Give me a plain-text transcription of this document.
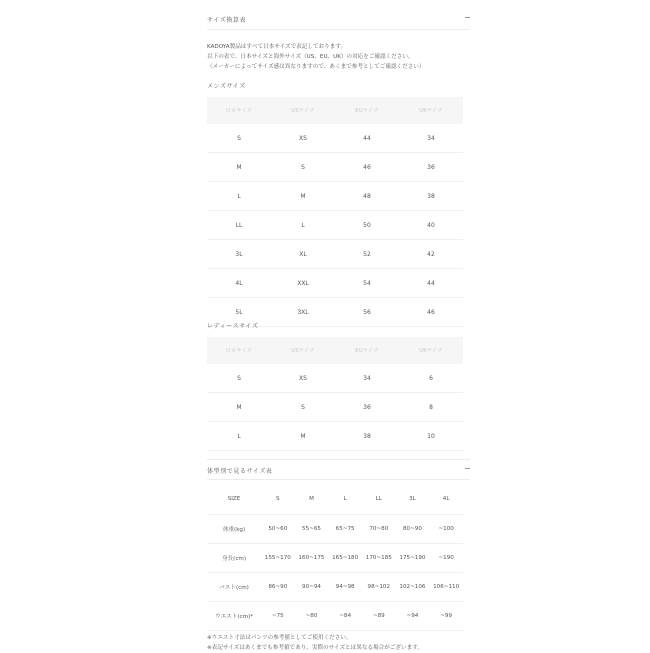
サイズ換算表	−
KADOYA製品はすべて日本サイズで表記しております。
以下の表で、日本サイズと海外サイズ（US、EU、UK）の対応をご確認ください。
（メーカーによってサイズ感は異なりますので、あくまで参考としてご確認ください）
メンズサイズ
日本サイズ	USサイズ	EUサイズ	UKサイズ
S	XS	44	34
M	S	46	36
L	M	48	38
LL	L	50	40
3L	XL	52	42
4L	XXL	54	44
5L	3XL	56	46
レディースサイズ
日本サイズ	USサイズ	EUサイズ	UKサイズ
S	XS	34	6
M	S	36	8
L	M	38	10
体型別で見るサイズ表	−
SIZE	S	M	L	LL	3L	4L
体重(kg)	50~60	55~65	65~75	70~80	80~90	~100
身長(cm)	155~170	160~175	165~180	170~185	175~190	~190
バスト(cm)	86~90	90~94	94~98	98~102	102~106	106~110
ウエスト(cm)*	~75	~80	~84	~89	~94	~99
※ウエスト寸法はパンツの参考値としてご使用ください。
※表記サイズはあくまでも参考値であり、実際のサイズとは異なる場合がございます。
